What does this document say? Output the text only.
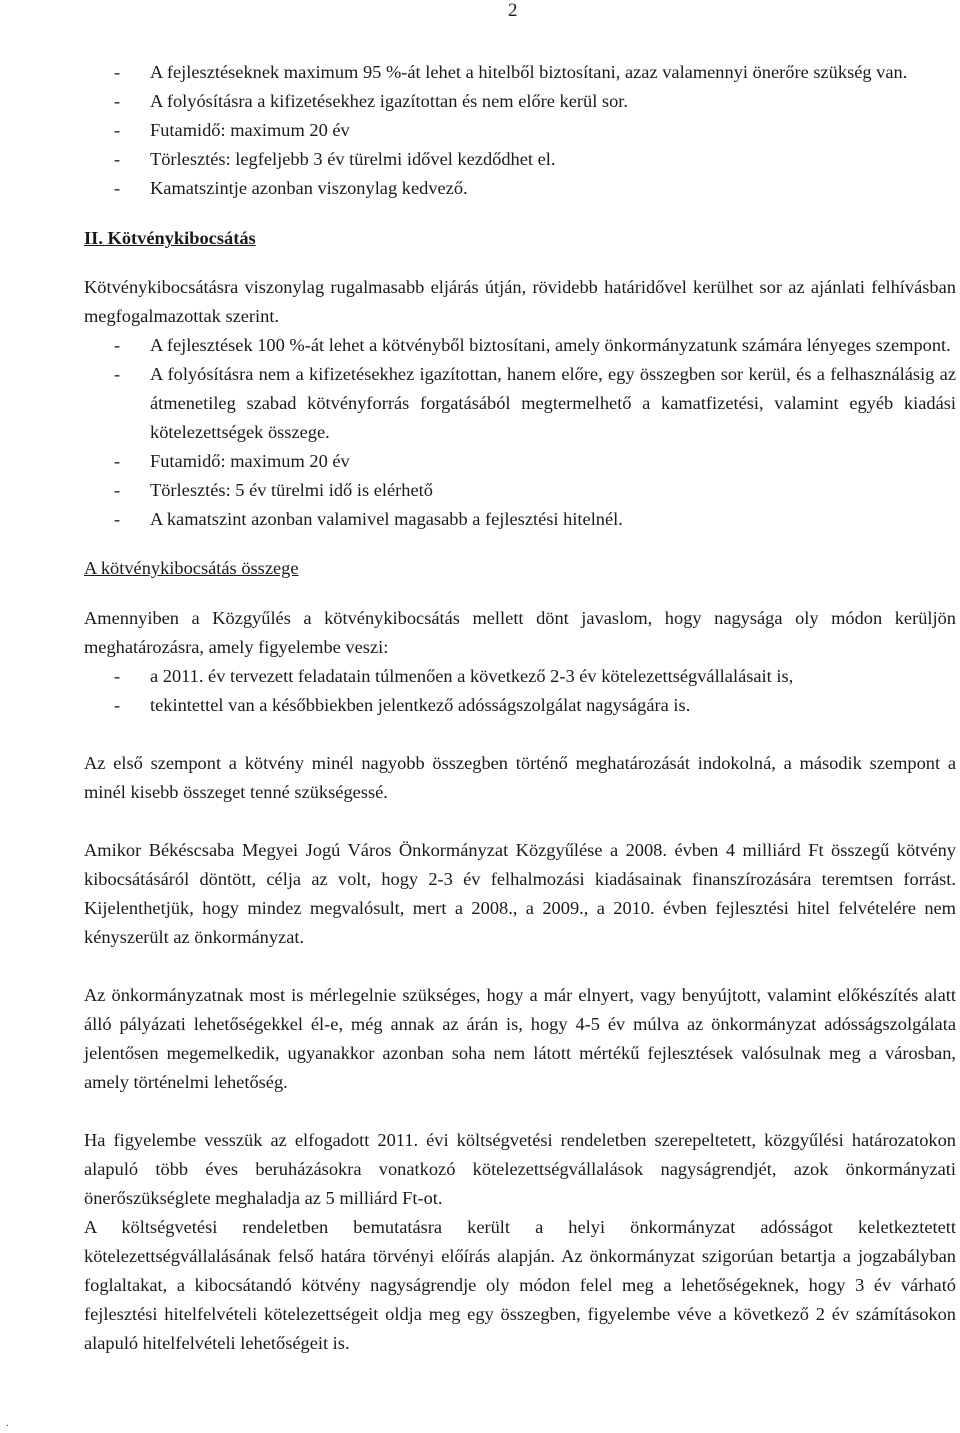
2
- A fejlesztéseknek maximum 95 %-át lehet a hitelből biztosítani, azaz valamennyi önerőre szükség van.
- A folyósításra a kifizetésekhez igazítottan és nem előre kerül sor.
- Futamidő: maximum 20 év
- Törlesztés: legfeljebb 3 év türelmi idővel kezdődhet el.
- Kamatszintje azonban viszonylag kedvező.

II. Kötvénykibocsátás

Kötvénykibocsátásra viszonylag rugalmasabb eljárás útján, rövidebb határidővel kerülhet sor az ajánlati felhívásban megfogalmazottak szerint.

- A fejlesztések 100 %-át lehet a kötvényből biztosítani, amely önkormányzatunk számára lényeges szempont.
- A folyósításra nem a kifizetésekhez igazítottan, hanem előre, egy összegben sor kerül, és a felhasználásig az átmenetileg szabad kötvényforrás forgatásából megtermelhető a kamatfizetési, valamint egyéb kiadási kötelezettségek összege.
- Futamidő: maximum 20 év
- Törlesztés: 5 év türelmi idő is elérhető
- A kamatszint azonban valamivel magasabb a fejlesztési hitelnél.

A kötvénykibocsátás összege

Amennyiben a Közgyűlés a kötvénykibocsátás mellett dönt javaslom, hogy nagysága oly módon kerüljön meghatározásra, amely figyelembe veszi:

- a 2011. év tervezett feladatain túlmenően a következő 2-3 év kötelezettségvállalásait is,
- tekintettel van a későbbiekben jelentkező adósságszolgálat nagyságára is.

Az első szempont a kötvény minél nagyobb összegben történő meghatározását indokolná, a második szempont a minél kisebb összeget tenné szükségessé.

Amikor Békéscsaba Megyei Jogú Város Önkormányzat Közgyűlése a 2008. évben 4 milliárd Ft összegű kötvény kibocsátásáról döntött, célja az volt, hogy 2-3 év felhalmozási kiadásainak finanszírozására teremtsen forrást. Kijelenthetjük, hogy mindez megvalósult, mert a 2008., a 2009., a 2010. évben fejlesztési hitel felvételére nem kényszerült az önkormányzat.

Az önkormányzatnak most is mérlegelnie szükséges, hogy a már elnyert, vagy benyújtott, valamint előkészítés alatt álló pályázati lehetőségekkel él-e, még annak az árán is, hogy 4-5 év múlva az önkormányzat adósságszolgálata jelentősen megemelkedik, ugyanakkor azonban soha nem látott mértékű fejlesztések valósulnak meg a városban, amely történelmi lehetőség.

Ha figyelembe vesszük az elfogadott 2011. évi költségvetési rendeletben szerepeltetett, közgyűlési határozatokon alapuló több éves beruházásokra vonatkozó kötelezettségvállalások nagyságrendjét, azok önkormányzati önerőszükséglete meghaladja az 5 milliárd Ft-ot.

A költségvetési rendeletben bemutatásra került a helyi önkormányzat adósságot keletkeztetett kötelezettségvállalásának felső határa törvényi előírás alapján. Az önkormányzat szigorúan betartja a jogzabályban foglaltakat, a kibocsátandó kötvény nagyságrendje oly módon felel meg a lehetőségeknek, hogy 3 év várható fejlesztési hitelfelvételi kötelezettségeit oldja meg egy összegben, figyelembe véve a következő 2 év számításokon alapuló hitelfelvételi lehetőségeit is.

.
